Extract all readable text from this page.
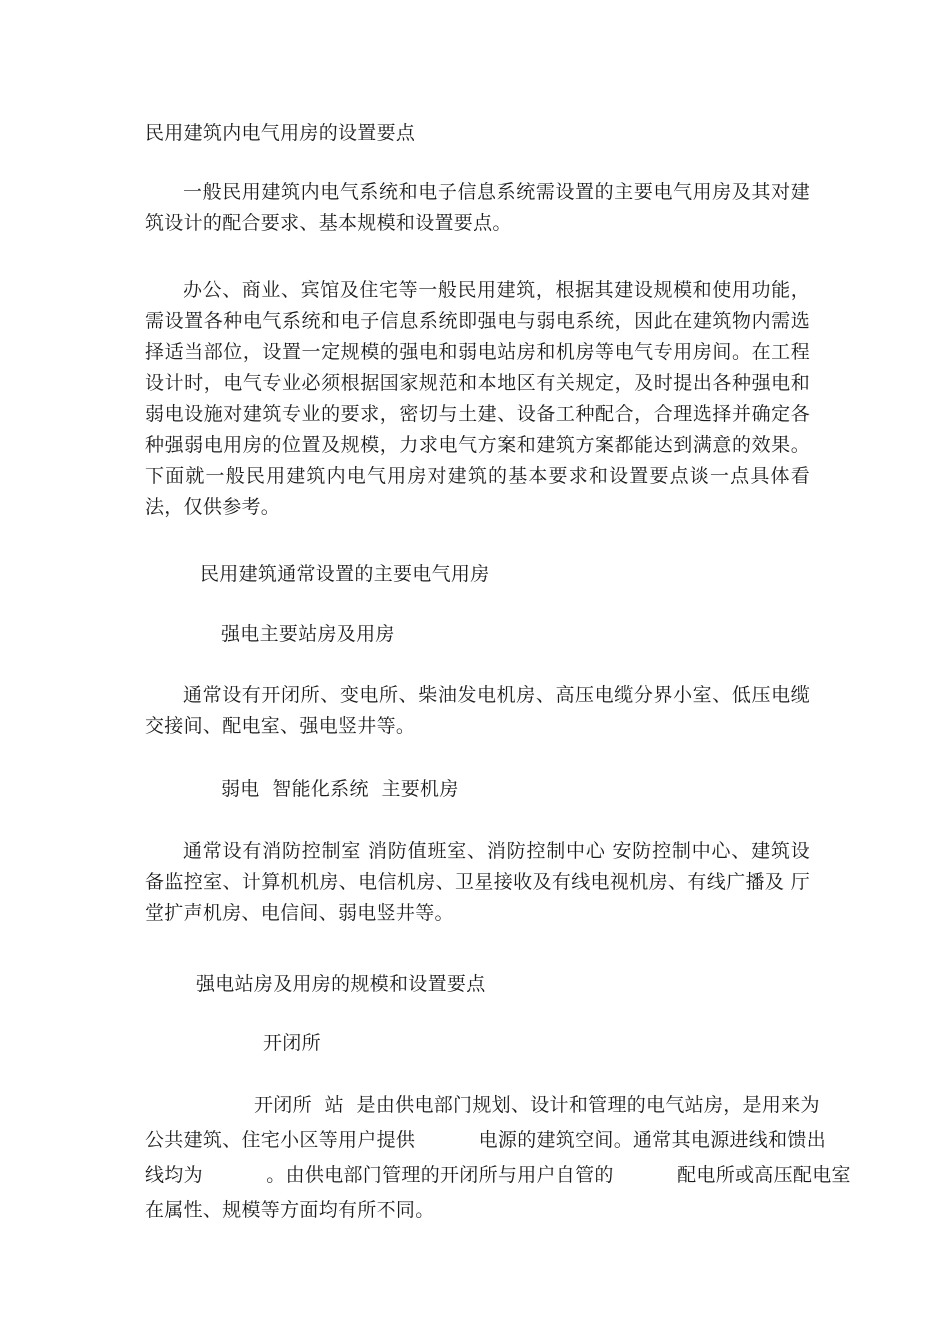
民用建筑内电气用房的设置要点
一般民用建筑内电气系统和电子信息系统需设置的主要电气用房及其对建筑设计的配合要求、基本规模和设置要点。
办公、商业、宾馆及住宅等一般民用建筑，根据其建设规模和使用功能，需设置各种电气系统和电子信息系统即强电与弱电系统，因此在建筑物内需选择适当部位，设置一定规模的强电和弱电站房和机房等电气专用房间。在工程设计时，电气专业必须根据国家规范和本地区有关规定，及时提出各种强电和弱电设施对建筑专业的要求，密切与土建、设备工种配合，合理选择并确定各种强弱电用房的位置及规模，力求电气方案和建筑方案都能达到满意的效果。下面就一般民用建筑内电气用房对建筑的基本要求和设置要点谈一点具体看法，仅供参考。
民用建筑通常设置的主要电气用房
强电主要站房及用房
通常设有开闭所、变电所、柴油发电机房、高压电缆分界小室、低压电缆交接间、配电室、强电竖井等。
弱电  智能化系统  主要机房
通常设有消防控制室 消防值班室、消防控制中心 安防控制中心、建筑设备监控室、计算机机房、电信机房、卫星接收及有线电视机房、有线广播及 厅堂扩声机房、电信间、弱电竖井等。
强电站房及用房的规模和设置要点
开闭所
开闭所  站  是由供电部门规划、设计和管理的电气站房，是用来为
公共建筑、住宅小区等用户提供          电源的建筑空间。通常其电源进线和馈出
线均为          。由供电部门管理的开闭所与用户自管的          配电所或高压配电室
在属性、规模等方面均有所不同。
